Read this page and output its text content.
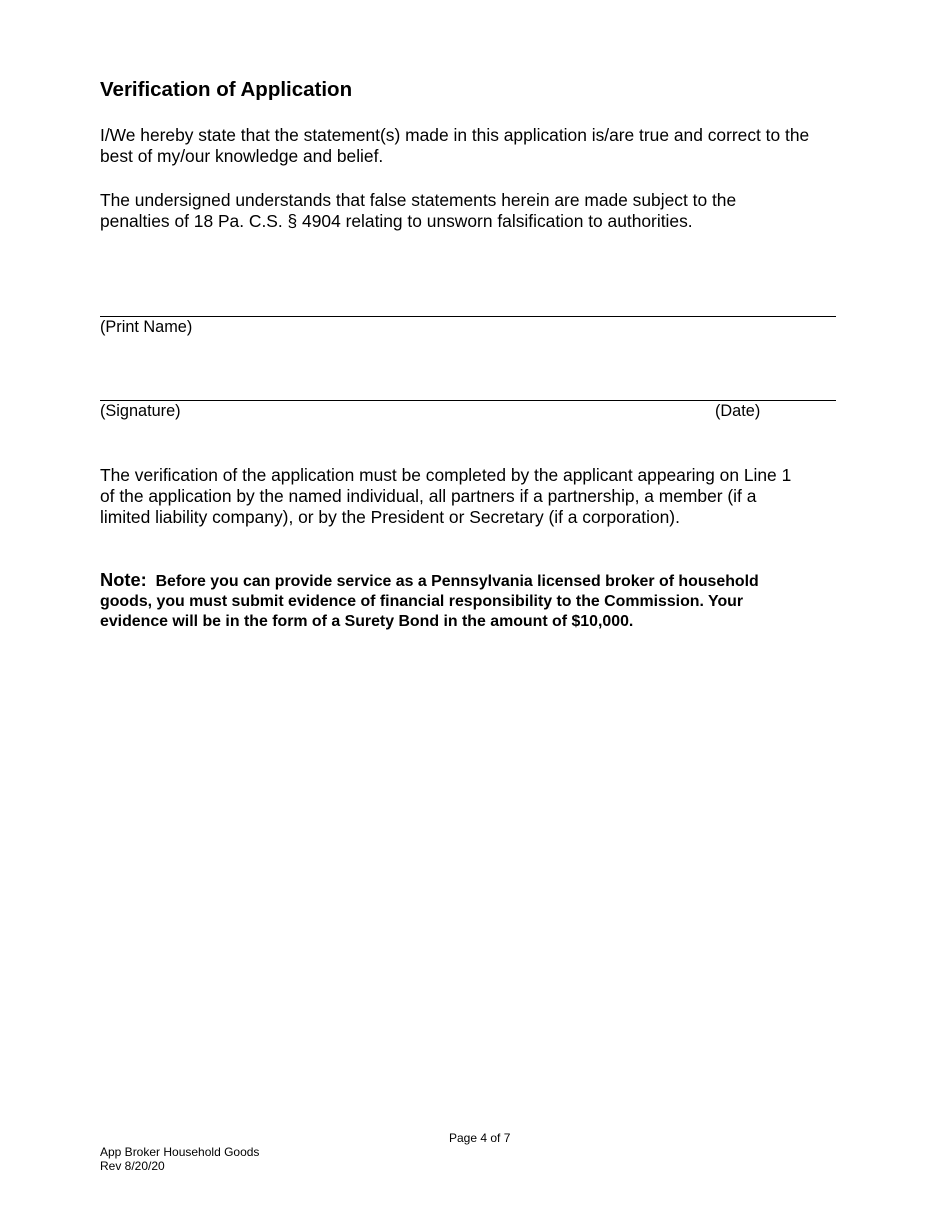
Verification of Application

I/We hereby state that the statement(s) made in this application is/are true and correct to the
best of my/our knowledge and belief.

The undersigned understands that false statements herein are made subject to the
penalties of 18 Pa. C.S. § 4904 relating to unsworn falsification to authorities.

(Print Name)
(Signature)	(Date)

The verification of the application must be completed by the applicant appearing on Line 1
of the application by the named individual, all partners if a partnership, a member (if a
limited liability company), or by the President or Secretary (if a corporation).

Note: Before you can provide service as a Pennsylvania licensed broker of household
goods, you must submit evidence of financial responsibility to the Commission. Your
evidence will be in the form of a Surety Bond in the amount of $10,000.
Page 4 of 7
App Broker Household Goods
Rev 8/20/20
